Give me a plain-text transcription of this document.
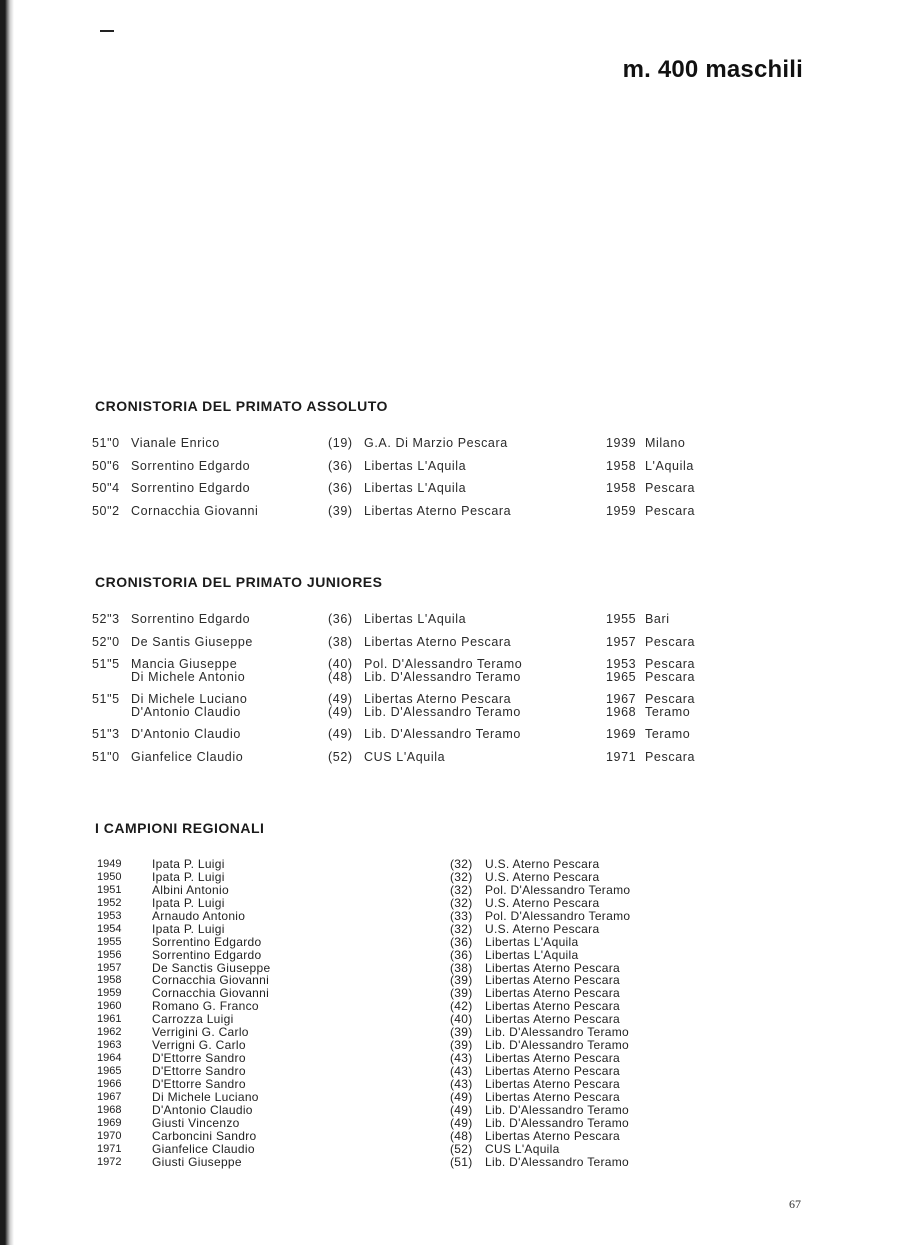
m. 400 maschili
CRONISTORIA DEL PRIMATO ASSOLUTO
51"0 Vianale Enrico	(19) G.A. Di Marzio Pescara	1939 Milano
50"6 Sorrentino Edgardo	(36) Libertas L'Aquila	1958 L'Aquila
50"4 Sorrentino Edgardo	(36) Libertas L'Aquila	1958 Pescara
50"2 Cornacchia Giovanni	(39) Libertas Aterno Pescara	1959 Pescara
CRONISTORIA DEL PRIMATO JUNIORES
52"3 Sorrentino Edgardo	(36) Libertas L'Aquila	1955 Bari
52"0 De Santis Giuseppe	(38) Libertas Aterno Pescara	1957 Pescara
51"5 Mancia Giuseppe	(40) Pol. D'Alessandro Teramo	1953 Pescara
Di Michele Antonio	(48) Lib. D'Alessandro Teramo	1965 Pescara
51"5 Di Michele Luciano	(49) Libertas Aterno Pescara	1967 Pescara
D'Antonio Claudio	(49) Lib. D'Alessandro Teramo	1968 Teramo
51"3 D'Antonio Claudio	(49) Lib. D'Alessandro Teramo	1969 Teramo
51"0 Gianfelice Claudio	(52) CUS L'Aquila	1971 Pescara
I CAMPIONI REGIONALI
1949	Ipata P. Luigi	(32) U.S. Aterno Pescara
1950	Ipata P. Luigi	(32) U.S. Aterno Pescara
1951	Albini Antonio	(32) Pol. D'Alessandro Teramo
1952	Ipata P. Luigi	(32) U.S. Aterno Pescara
1953	Arnaudo Antonio	(33) Pol. D'Alessandro Teramo
1954	Ipata P. Luigi	(32) U.S. Aterno Pescara
1955	Sorrentino Edgardo	(36) Libertas L'Aquila
1956	Sorrentino Edgardo	(36) Libertas L'Aquila
1957	De Sanctis Giuseppe	(38) Libertas Aterno Pescara
1958	Cornacchia Giovanni	(39) Libertas Aterno Pescara
1959	Cornacchia Giovanni	(39) Libertas Aterno Pescara
1960	Romano G. Franco	(42) Libertas Aterno Pescara
1961	Carrozza Luigi	(40) Libertas Aterno Pescara
1962	Verrigini G. Carlo	(39) Lib. D'Alessandro Teramo
1963	Verrigni G. Carlo	(39) Lib. D'Alessandro Teramo
1964	D'Ettorre Sandro	(43) Libertas Aterno Pescara
1965	D'Ettorre Sandro	(43) Libertas Aterno Pescara
1966	D'Ettorre Sandro	(43) Libertas Aterno Pescara
1967	Di Michele Luciano	(49) Libertas Aterno Pescara
1968	D'Antonio Claudio	(49) Lib. D'Alessandro Teramo
1969	Giusti Vincenzo	(49) Lib. D'Alessandro Teramo
1970	Carboncini Sandro	(48) Libertas Aterno Pescara
1971	Gianfelice Claudio	(52) CUS L'Aquila
1972	Giusti Giuseppe	(51) Lib. D'Alessandro Teramo
67
